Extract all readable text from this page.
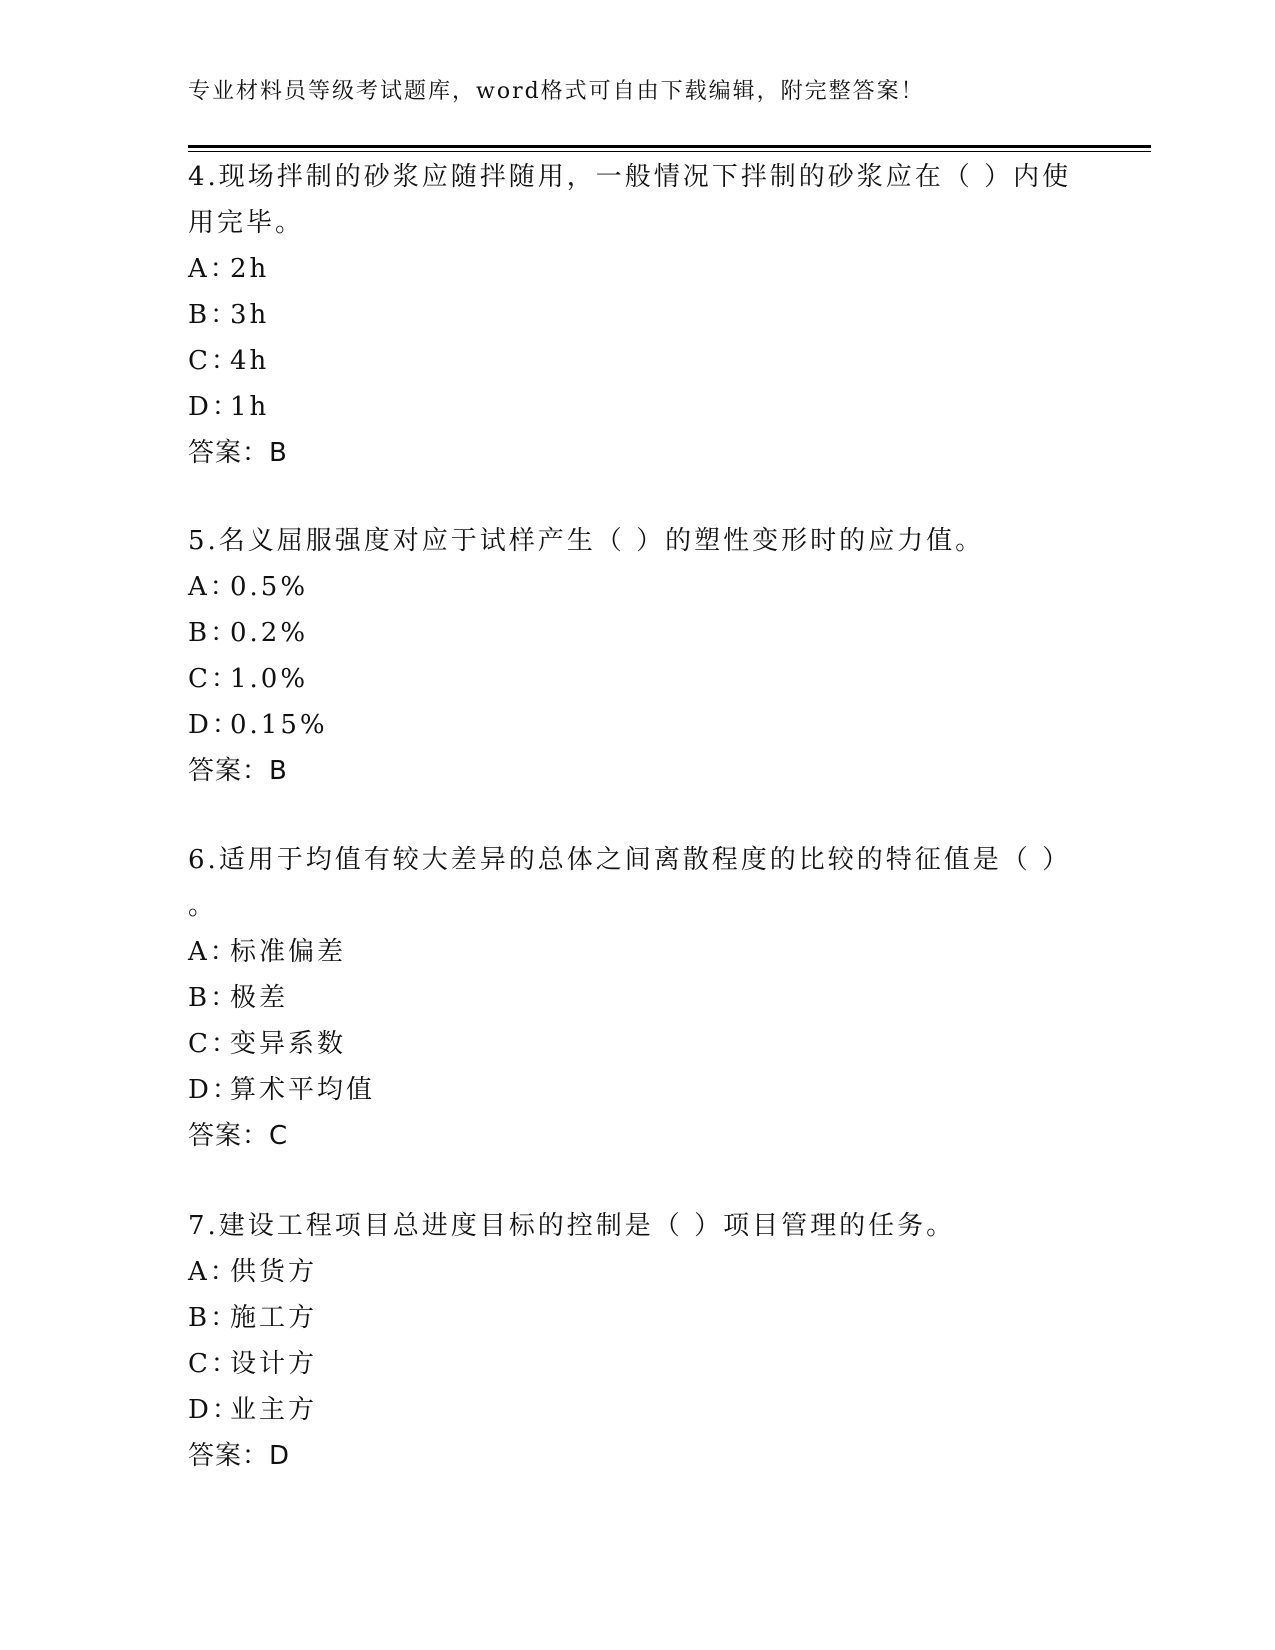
专业材料员等级考试题库，word格式可自由下载编辑，附完整答案！
4.现场拌制的砂浆应随拌随用，一般情况下拌制的砂浆应在（ ）内使
用完毕。
A：2h
B：3h
C：4h
D：1h
答案：B
5.名义屈服强度对应于试样产生（ ）的塑性变形时的应力值。
A：0.5%
B：0.2%
C：1.0%
D：0.15%
答案：B
6.适用于均值有较大差异的总体之间离散程度的比较的特征值是（ ）
。
A：标准偏差
B：极差
C：变异系数
D：算术平均值
答案：C
7.建设工程项目总进度目标的控制是（ ）项目管理的任务。
A：供货方
B：施工方
C：设计方
D：业主方
答案：D
